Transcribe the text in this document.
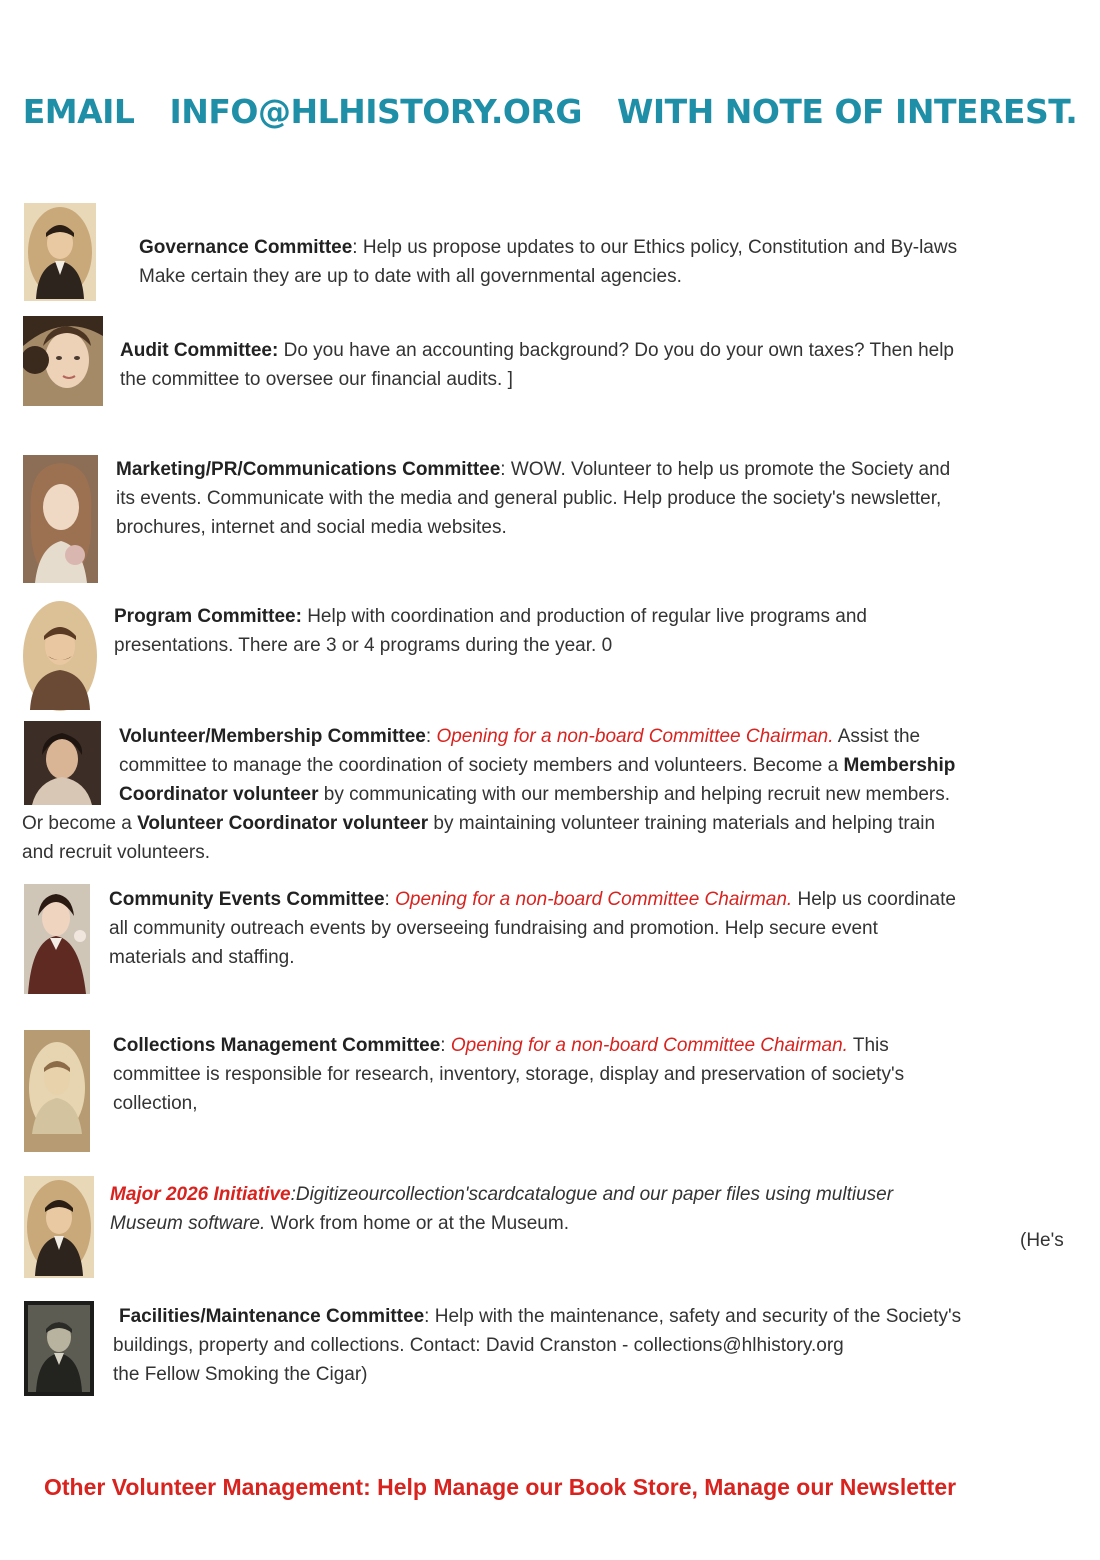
EMAIL INFO@HLHISTORY.ORG WITH NOTE OF INTEREST.
Governance Committee: Help us propose updates to our Ethics policy, Constitution and By-laws
Make certain they are up to date with all governmental agencies.
Audit Committee: Do you have an accounting background? Do you do your own taxes? Then help
the committee to oversee our financial audits. ]
Marketing/PR/Communications Committee: WOW. Volunteer to help us promote the Society and
its events. Communicate with the media and general public. Help produce the society's newsletter,
brochures, internet and social media websites.
Program Committee: Help with coordination and production of regular live programs and
presentations. There are 3 or 4 programs during the year. 0
Volunteer/Membership Committee: Opening for a non-board Committee Chairman. Assist the
committee to manage the coordination of society members and volunteers. Become a Membership
Coordinator volunteer by communicating with our membership and helping recruit new members.
Or become a Volunteer Coordinator volunteer by maintaining volunteer training materials and helping train
and recruit volunteers.
Community Events Committee: Opening for a non-board Committee Chairman. Help us coordinate
all community outreach events by overseeing fundraising and promotion. Help secure event
materials and staffing.
Collections Management Committee: Opening for a non-board Committee Chairman. This
committee is responsible for research, inventory, storage, display and preservation of society's
collection,
Major 2026 Initiative:Digitizeourcollection'scardcatalogue and our paper files using multiuser
Museum software. Work from home or at the Museum.
(He's
Facilities/Maintenance Committee: Help with the maintenance, safety and security of the Society's
buildings, property and collections. Contact: David Cranston - collections@hlhistory.org
the Fellow Smoking the Cigar)
Other Volunteer Management: Help Manage our Book Store, Manage our Newsletter
